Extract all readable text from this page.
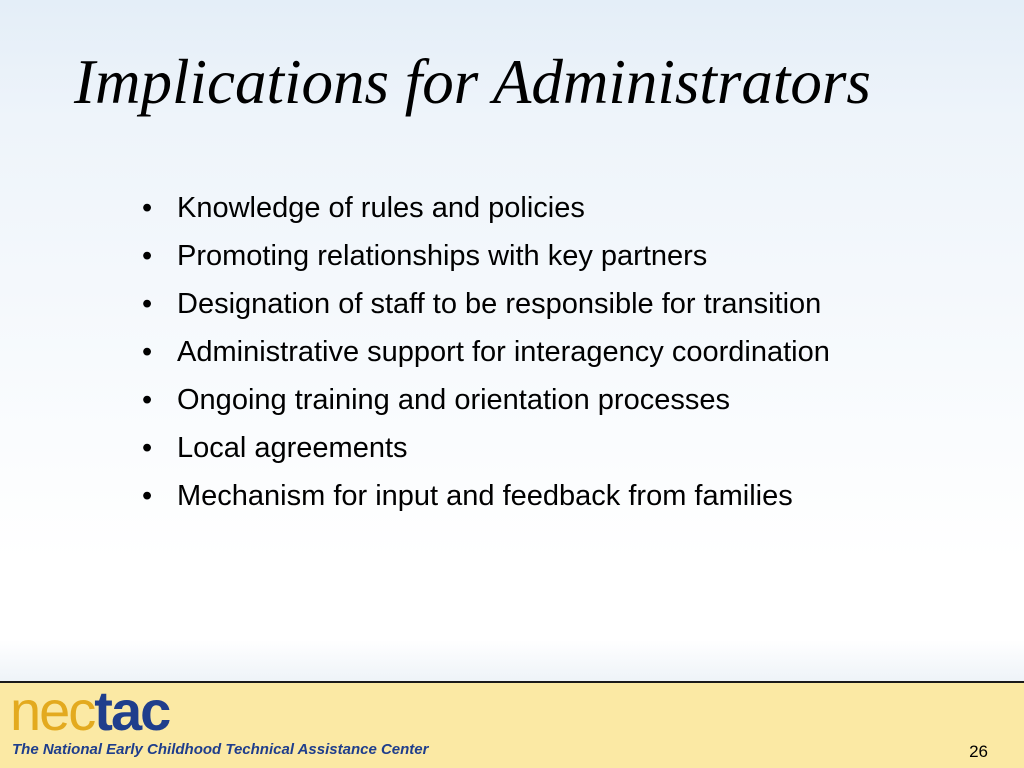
Implications for Administrators
• Knowledge of rules and policies
• Promoting relationships with key partners
• Designation of staff to be responsible for transition
• Administrative support for interagency coordination
• Ongoing training and orientation processes
• Local agreements
• Mechanism for input and feedback from families
nectac
The National Early Childhood Technical Assistance Center	26
